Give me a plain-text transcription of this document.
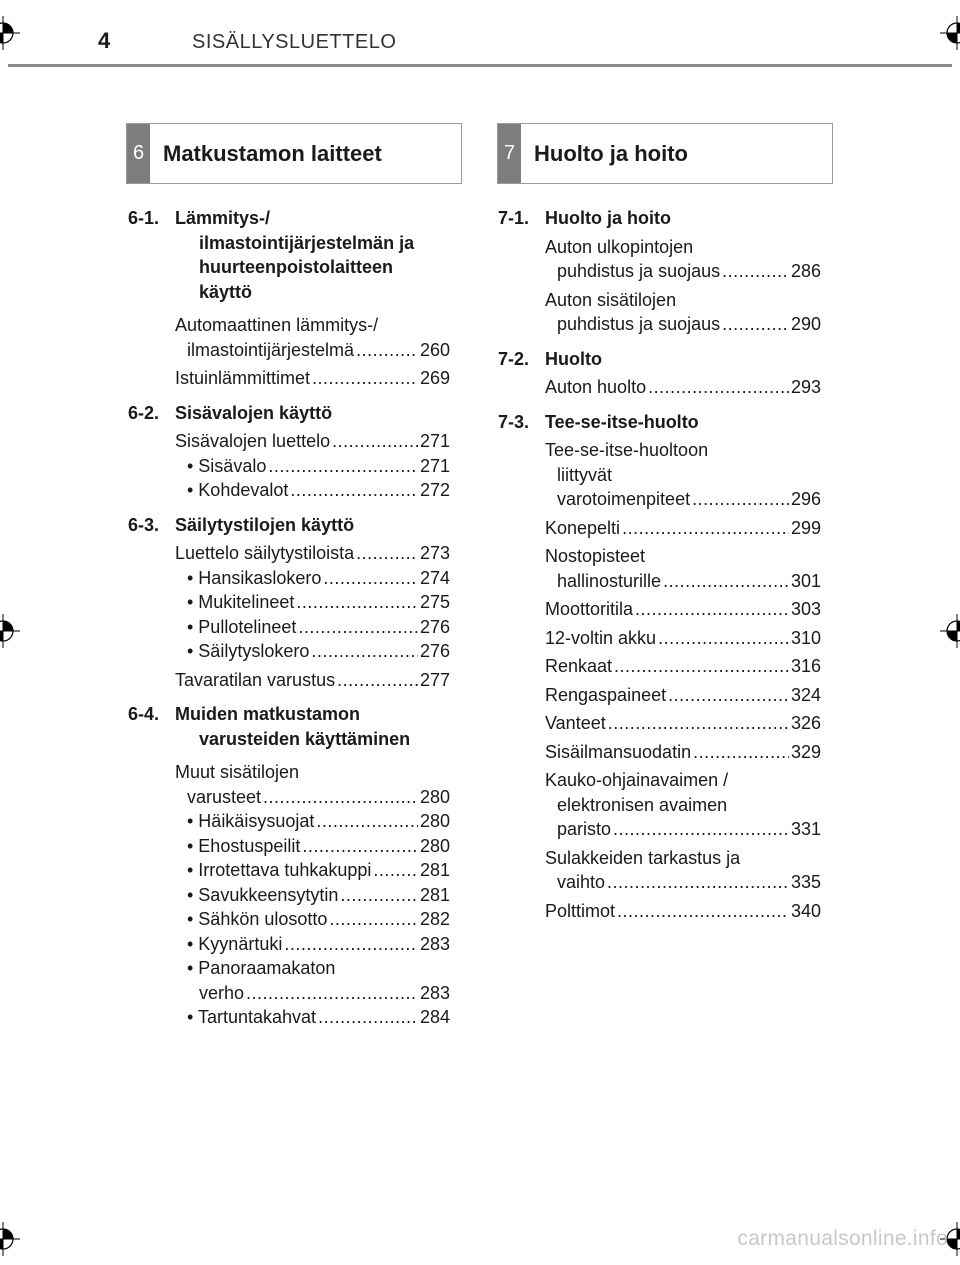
4	SISÄLLYSLUETTELO
6 Matkustamon laitteet	7 Huolto ja hoito
6-1. Lämmitys-/
ilmastointijärjestelmän ja
huurteenpoistolaitteen
käyttö
Automaattinen lämmitys-/
ilmastointijärjestelmä .....	260
Istuinlämmittimet .....	269
6-2. Sisävalojen käyttö
Sisävalojen luettelo .....	271
• Sisävalo .....	271
• Kohdevalot .....	272
6-3. Säilytystilojen käyttö
Luettelo säilytystiloista .....	273
• Hansikaslokero .....	274
• Mukitelineet .....	275
• Pullotelineet .....	276
• Säilytyslokero .....	276
Tavaratilan varustus .....	277
6-4. Muiden matkustamon
varusteiden käyttäminen
Muut sisätilojen
varusteet .....	280
• Häikäisysuojat .....	280
• Ehostuspeilit .....	280
• Irrotettava tuhkakuppi .....	281
• Savukkeensytytin .....	281
• Sähkön ulosotto .....	282
• Kyynärtuki .....	283
• Panoraamakaton
verho .....	283
• Tartuntakahvat .....	284
7-1. Huolto ja hoito
Auton ulkopintojen
puhdistus ja suojaus .....	286
Auton sisätilojen
puhdistus ja suojaus .....	290
7-2. Huolto
Auton huolto .....	293
7-3. Tee-se-itse-huolto
Tee-se-itse-huoltoon
liittyvät
varotoimenpiteet .....	296
Konepelti .....	299
Nostopisteet
hallinosturille .....	301
Moottoritila .....	303
12-voltin akku .....	310
Renkaat .....	316
Rengaspaineet .....	324
Vanteet .....	326
Sisäilmansuodatin .....	329
Kauko-ohjainavaimen /
elektronisen avaimen
paristo .....	331
Sulakkeiden tarkastus ja
vaihto .....	335
Polttimot .....	340
carmanualsonline.info
